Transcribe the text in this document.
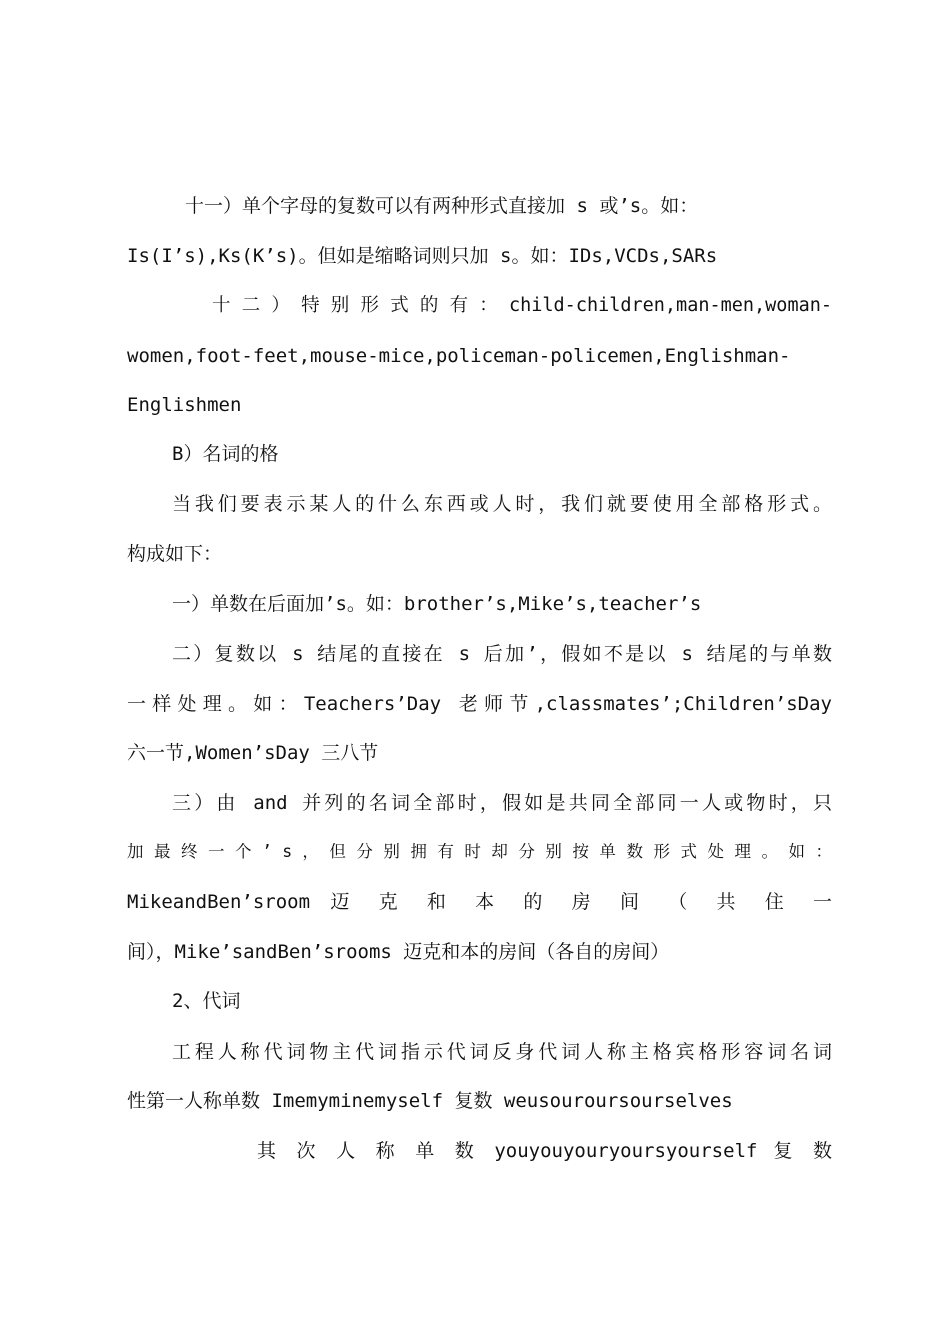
十一）单个字母的复数可以有两种形式直接加 s 或’s。如：
Is(I’s),Ks(K’s)。但如是缩略词则只加 s。如：IDs,VCDs,SARs
十 二 ） 特 别 形 式 的 有 ： child-children,man-men,woman-
women,foot-feet,mouse-mice,policeman-policemen,Englishman-
Englishmen
B）名词的格
当我们要表示某人的什么东西或人时，我们就要使用全部格形式。
构成如下：
一）单数在后面加’s。如：brother’s,Mike’s,teacher’s
二）复数以 s 结尾的直接在 s 后加’，假如不是以 s 结尾的与单数
一样处理。如：Teachers’Day 老师节,classmates’;Children’sDay
六一节,Women’sDay 三八节
三）由 and 并列的名词全部时，假如是共同全部同一人或物时，只
加 最 终 一 个 ’ s ， 但 分 别 拥 有 时 却 分 别 按 单 数 形 式 处 理 。 如 ：
MikeandBen’sroom 迈 克 和 本 的 房 间 （ 共 住 一
间），Mike’sandBen’srooms 迈克和本的房间（各自的房间）
2、代词
工程人称代词物主代词指示代词反身代词人称主格宾格形容词名词
性第一人称单数 Imemyminemyself 复数 weusouroursourselves
其 次 人 称 单 数 youyouyouryoursyourself 复 数
